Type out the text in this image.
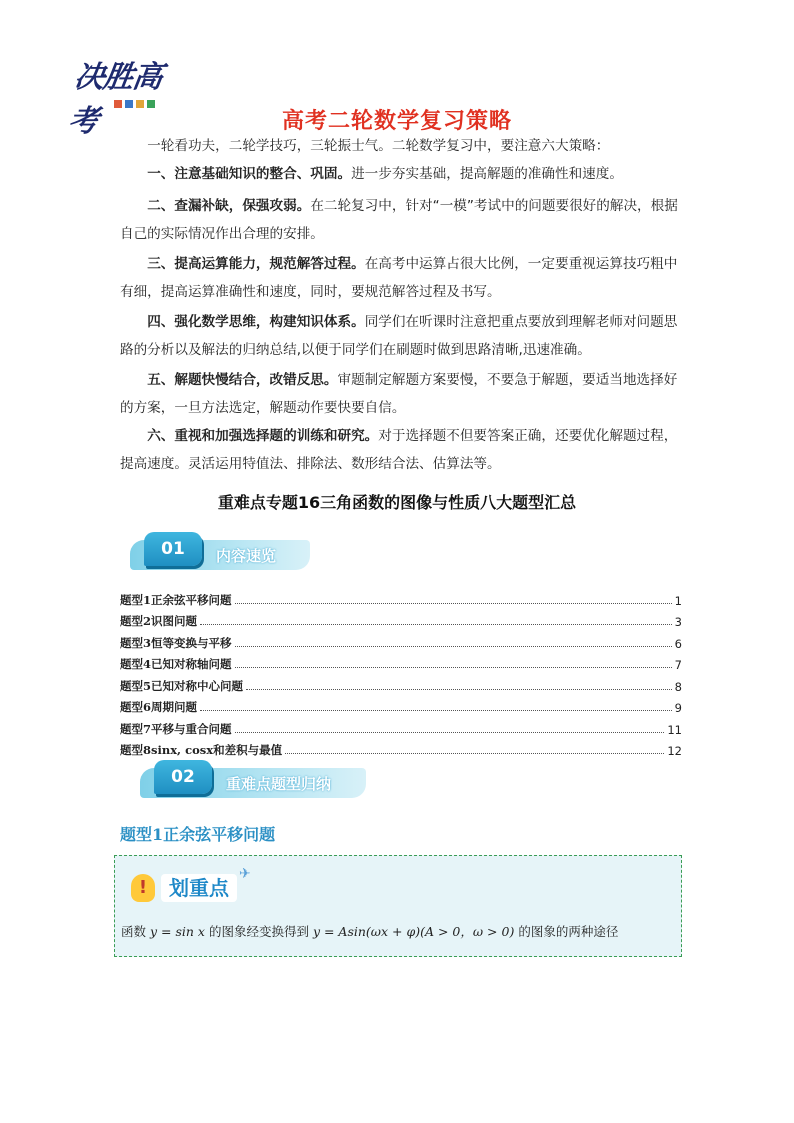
决胜高考	高考二轮数学复习策略
一轮看功夫，二轮学技巧，三轮振士气。二轮数学复习中，要注意六大策略：
一、注意基础知识的整合、巩固。进一步夯实基础，提高解题的准确性和速度。
二、查漏补缺，保强攻弱。在二轮复习中，针对“一模”考试中的问题要很好的解决，根据自己的实际情况作出合理的安排。
三、提高运算能力，规范解答过程。在高考中运算占很大比例，一定要重视运算技巧粗中有细，提高运算准确性和速度，同时，要规范解答过程及书写。
四、强化数学思维，构建知识体系。同学们在听课时注意把重点要放到理解老师对问题思路的分析以及解法的归纳总结,以便于同学们在刷题时做到思路清晰,迅速准确。
五、解题快慢结合，改错反思。审题制定解题方案要慢，不要急于解题，要适当地选择好的方案，一旦方法选定，解题动作要快要自信。
六、重视和加强选择题的训练和研究。对于选择题不但要答案正确，还要优化解题过程，提高速度。灵活运用特值法、排除法、数形结合法、估算法等。
重难点专题16三角函数的图像与性质八大题型汇总
01	内容速览
题型1正余弦平移问题	1
题型2识图问题	3
题型3恒等变换与平移	6
题型4已知对称轴问题	7
题型5已知对称中心问题	8
题型6周期问题	9
题型7平移与重合问题	11
题型8sinx, cosx和差积与最值	12
02	重难点题型归纳
题型1正余弦平移问题
!	划重点
✈
函数 y = sin x 的图象经变换得到 y = Asin(ωx + φ)(A > 0，ω > 0) 的图象的两种途径
